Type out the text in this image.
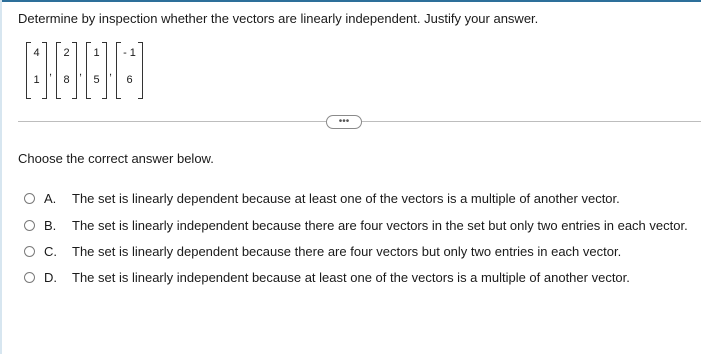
Determine by inspection whether the vectors are linearly independent. Justify your answer.
4
1
,
2
8
,
1
5
,
- 1
6
•••
Choose the correct answer below.
A.	The set is linearly dependent because at least one of the vectors is a multiple of another vector.
B.	The set is linearly independent because there are four vectors in the set but only two entries in each vector.
C.	The set is linearly dependent because there are four vectors but only two entries in each vector.
D.	The set is linearly independent because at least one of the vectors is a multiple of another vector.
